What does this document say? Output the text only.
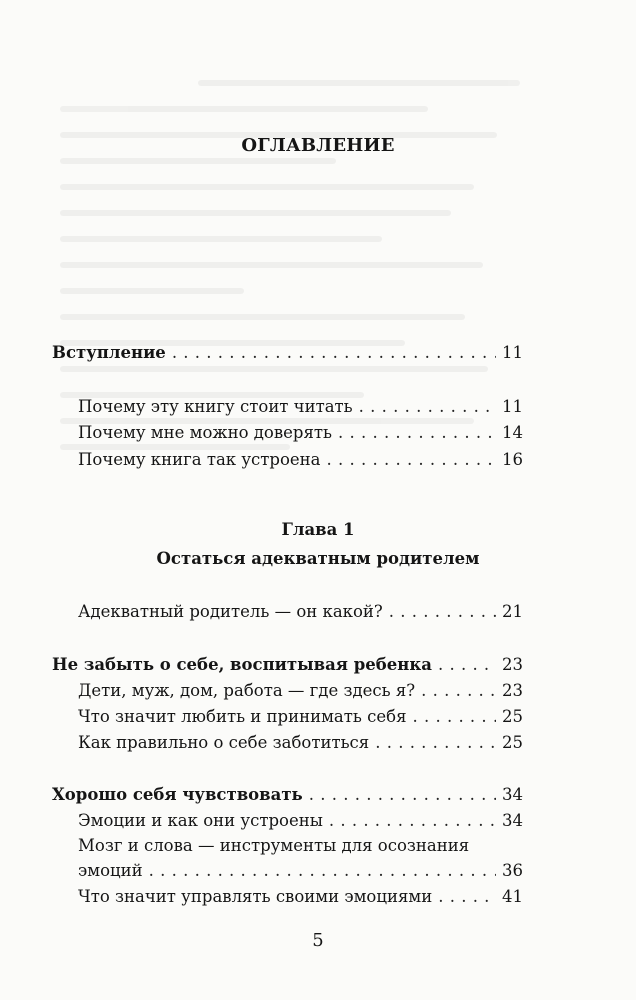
ОГЛАВЛЕНИЕ
Вступление . . .	11
Почему эту книгу стоит читать . . .	11
Почему мне можно доверять . . .	14
Почему книга так устроена . . .	16
Глава 1
Остаться адекватным родителем
Адекватный родитель — он какой? . . .	21
Не забыть о себе, воспитывая ребенка . . .	23
Дети, муж, дом, работа — где здесь я? . . .	23
Что значит любить и принимать себя . . .	25
Как правильно о себе заботиться . . .	25
Хорошо себя чувствовать . . .	34
Эмоции и как они устроены . . .	34
Мозг и слова — инструменты для осознания
эмоций . . .	36
Что значит управлять своими эмоциями . . .	41
5
